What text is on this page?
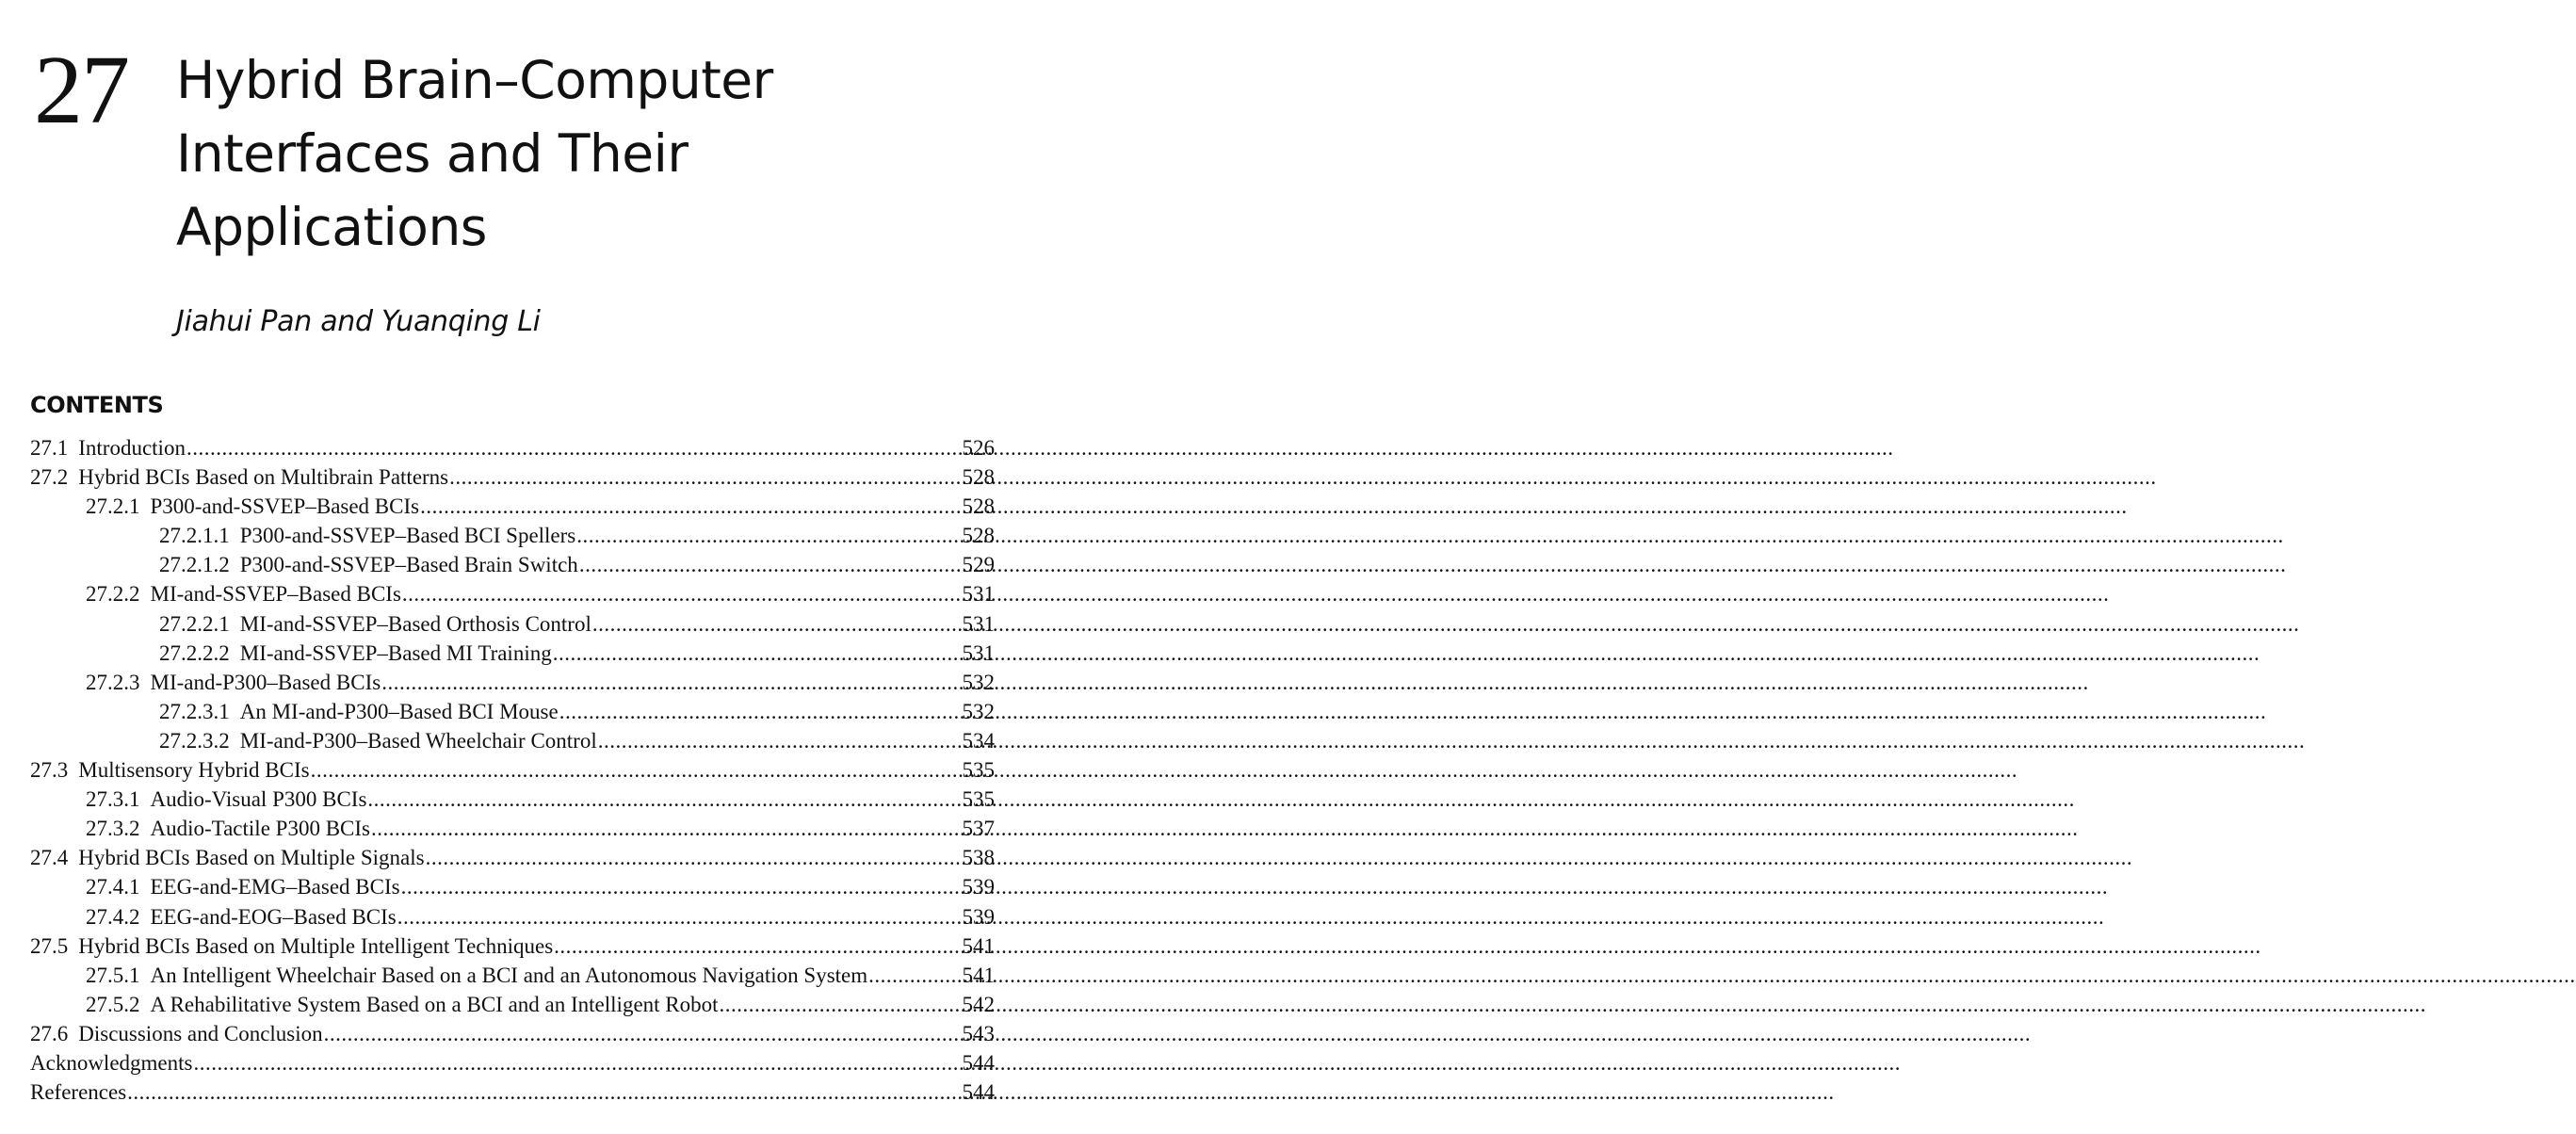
27 Hybrid Brain–Computer
Interfaces and Their
Applications
Jiahui Pan and Yuanqing Li
CONTENTS
27.1 Introduction .....	526
27.2 Hybrid BCIs Based on Multibrain Patterns .....	528
27.2.1 P300-and-SSVEP–Based BCIs .....	528
27.2.1.1 P300-and-SSVEP–Based BCI Spellers .....	528
27.2.1.2 P300-and-SSVEP–Based Brain Switch .....	529
27.2.2 MI-and-SSVEP–Based BCIs .....	531
27.2.2.1 MI-and-SSVEP–Based Orthosis Control .....	531
27.2.2.2 MI-and-SSVEP–Based MI Training .....	531
27.2.3 MI-and-P300–Based BCIs .....	532
27.2.3.1 An MI-and-P300–Based BCI Mouse .....	532
27.2.3.2 MI-and-P300–Based Wheelchair Control .....	534
27.3 Multisensory Hybrid BCIs .....	535
27.3.1 Audio-Visual P300 BCIs .....	535
27.3.2 Audio-Tactile P300 BCIs .....	537
27.4 Hybrid BCIs Based on Multiple Signals .....	538
27.4.1 EEG-and-EMG–Based BCIs .....	539
27.4.2 EEG-and-EOG–Based BCIs .....	539
27.5 Hybrid BCIs Based on Multiple Intelligent Techniques .....	541
27.5.1 An Intelligent Wheelchair Based on a BCI and an Autonomous Navigation System .....	541
27.5.2 A Rehabilitative System Based on a BCI and an Intelligent Robot .....	542
27.6 Discussions and Conclusion .....	543
Acknowledgments .....	544
References .....	544
